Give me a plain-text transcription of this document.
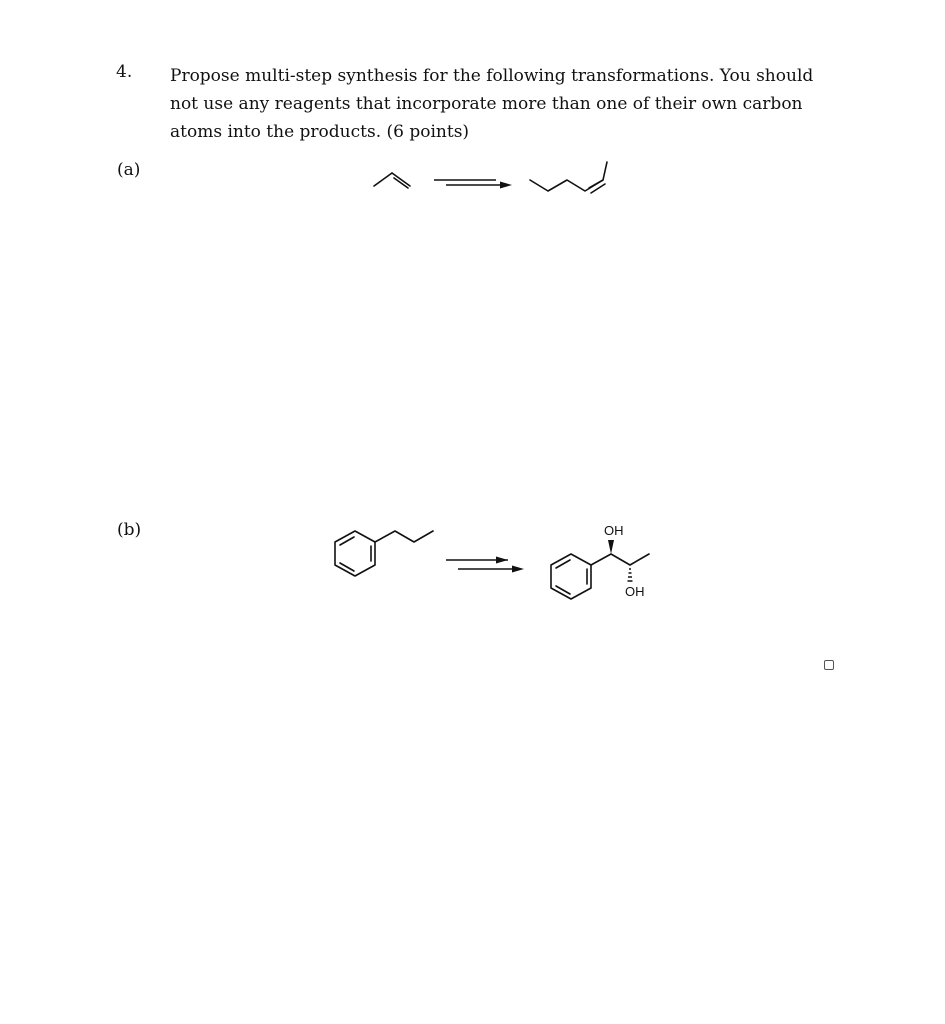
4. Propose multi-step synthesis for the following transformations. You should
not use any reagents that incorporate more than one of their own carbon
atoms into the products. (6 points)
(a)
(b)	OH
OH
